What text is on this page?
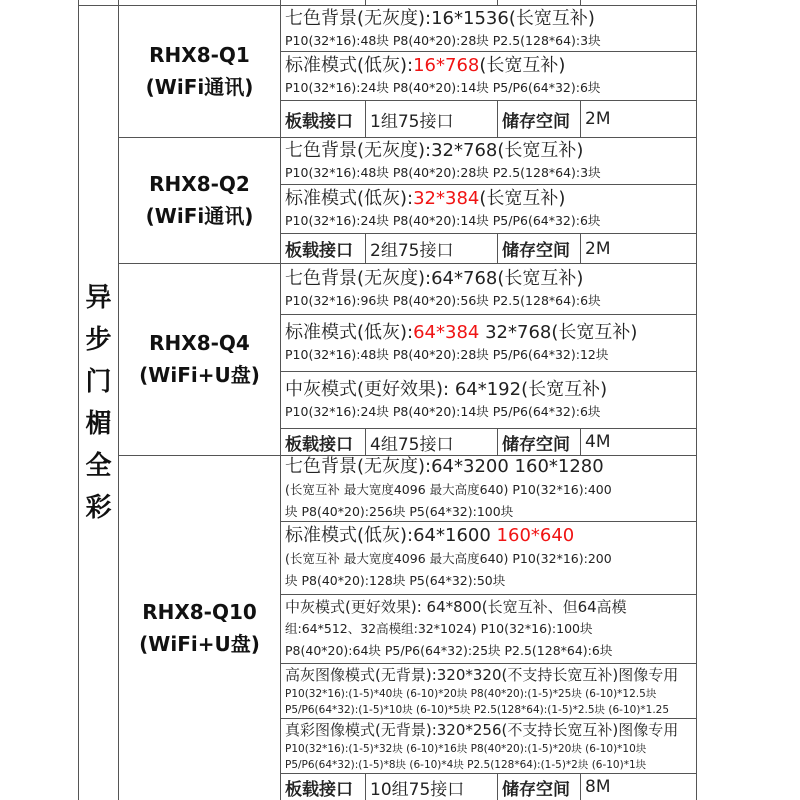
异
步
门
楣
全
彩
RHX8-Q1
(WiFi通讯)
七色背景(无灰度):16*1536(长宽互补)
P10(32*16):48块 P8(40*20):28块 P2.5(128*64):3块
标准模式(低灰):16*768(长宽互补)
P10(32*16):24块 P8(40*20):14块 P5/P6(64*32):6块
板载接口	1组75接口	储存空间 2M
RHX8-Q2
(WiFi通讯)
七色背景(无灰度):32*768(长宽互补)
P10(32*16):48块 P8(40*20):28块 P2.5(128*64):3块
标准模式(低灰):32*384(长宽互补)
P10(32*16):24块 P8(40*20):14块 P5/P6(64*32):6块
板载接口	2组75接口	储存空间 2M
RHX8-Q4
(WiFi+U盘)
七色背景(无灰度):64*768(长宽互补)
P10(32*16):96块 P8(40*20):56块 P2.5(128*64):6块
标准模式(低灰):64*384 32*768(长宽互补)
P10(32*16):48块 P8(40*20):28块 P5/P6(64*32):12块
中灰模式(更好效果): 64*192(长宽互补)
P10(32*16):24块 P8(40*20):14块 P5/P6(64*32):6块
板载接口	4组75接口	储存空间 4M
RHX8-Q10
(WiFi+U盘)
七色背景(无灰度):64*3200 160*1280
(长宽互补 最大宽度4096 最大高度640) P10(32*16):400
块 P8(40*20):256块 P5(64*32):100块
标准模式(低灰):64*1600 160*640
(长宽互补 最大宽度4096 最大高度640) P10(32*16):200
块 P8(40*20):128块 P5(64*32):50块
中灰模式(更好效果): 64*800(长宽互补、但64高模
组:64*512、32高模组:32*1024) P10(32*16):100块
P8(40*20):64块 P5/P6(64*32):25块 P2.5(128*64):6块
高灰图像模式(无背景):320*320(不支持长宽互补)图像专用
P10(32*16):(1-5)*40块 (6-10)*20块 P8(40*20):(1-5)*25块 (6-10)*12.5块
P5/P6(64*32):(1-5)*10块 (6-10)*5块 P2.5(128*64):(1-5)*2.5块 (6-10)*1.25
真彩图像模式(无背景):320*256(不支持长宽互补)图像专用
P10(32*16):(1-5)*32块 (6-10)*16块 P8(40*20):(1-5)*20块 (6-10)*10块
P5/P6(64*32):(1-5)*8块 (6-10)*4块 P2.5(128*64):(1-5)*2块 (6-10)*1块
板载接口	10组75接口	储存空间 8M
